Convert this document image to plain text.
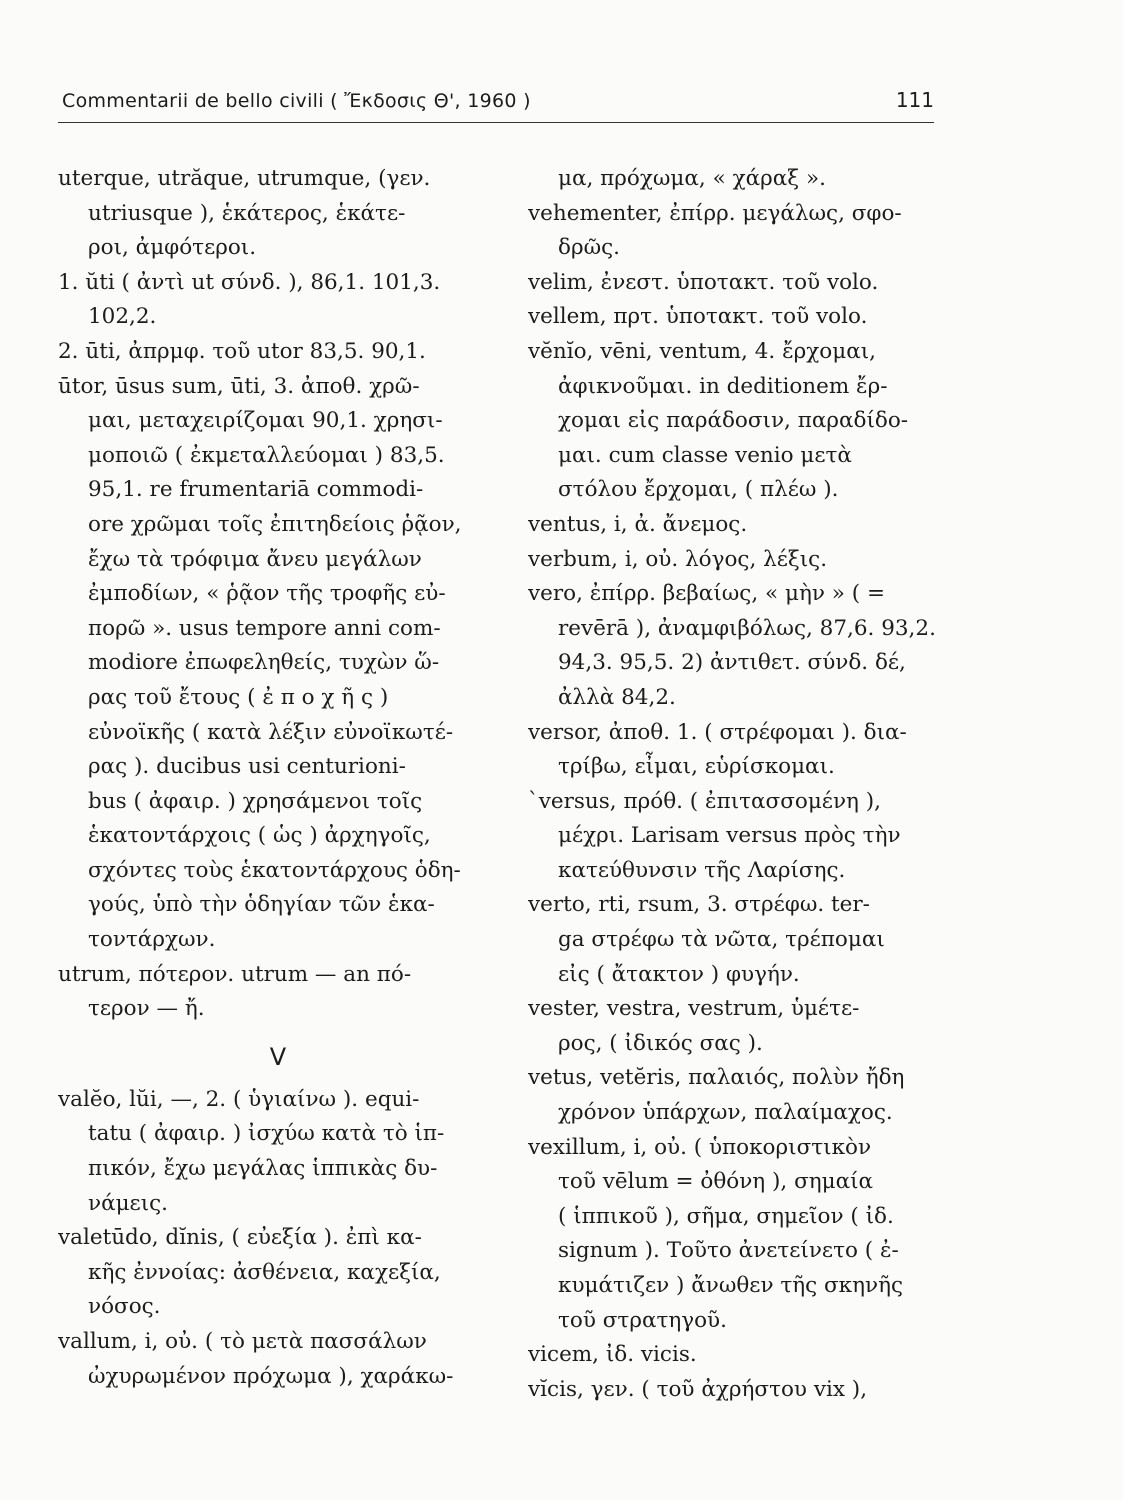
Commentarii de bello civili ( Ἔκδοσις Θ', 1960 )	111
uterque, utrăque, utrumque, (γεν.
utriusque ), ἑκάτερος, ἑκάτε-
ροι, ἀμφότεροι.
1. ŭti ( ἀντὶ ut σύνδ. ), 86,1. 101,3.
102,2.
2. ūti, ἀπρμφ. τοῦ utor 83,5. 90,1.
ūtor, ūsus sum, ūti, 3. ἀποθ. χρῶ-
μαι, μεταχειρίζομαι 90,1. χρησι-
μοποιῶ ( ἐκμεταλλεύομαι ) 83,5.
95,1. re frumentariā commodi-
ore χρῶμαι τοῖς ἐπιτηδείοις ῥᾷον,
ἔχω τὰ τρόφιμα ἄνευ μεγάλων
ἐμποδίων, « ῥᾷον τῆς τροφῆς εὐ-
πορῶ ». usus tempore anni com-
modiore ἐπωφεληθείς, τυχὼν ὥ-
ρας τοῦ ἔτους ( ἐ π ο χ ῆ ς )
εὐνοϊκῆς ( κατὰ λέξιν εὐνοϊκωτέ-
ρας ). ducibus usi centurioni-
bus ( ἀφαιρ. ) χρησάμενοι τοῖς
ἑκατοντάρχοις ( ὡς ) ἀρχηγοῖς,
σχόντες τοὺς ἑκατοντάρχους ὁδη-
γούς, ὑπὸ τὴν ὁδηγίαν τῶν ἑκα-
τοντάρχων.
utrum, πότερον. utrum — an πό-
τερον — ἤ.
V
valĕo, lŭi, —, 2. ( ὑγιαίνω ). equi-
tatu ( ἀφαιρ. ) ἰσχύω κατὰ τὸ ἱπ-
πικόν, ἔχω μεγάλας ἱππικὰς δυ-
νάμεις.
valetūdo, dĭnis, ( εὐεξία ). ἐπὶ κα-
κῆς ἐννοίας: ἀσθένεια, καχεξία,
νόσος.
vallum, i, οὐ. ( τὸ μετὰ πασσάλων
ὠχυρωμένον πρόχωμα ), χαράκω-
μα, πρόχωμα, « χάραξ ».
vehementer, ἐπίρρ. μεγάλως, σφο-
δρῶς.
velim, ἐνεστ. ὑποτακτ. τοῦ volo.
vellem, πρτ. ὑποτακτ. τοῦ volo.
vĕnĭo, vēni, ventum, 4. ἔρχομαι,
ἀφικνοῦμαι. in deditionem ἔρ-
χομαι εἰς παράδοσιν, παραδίδο-
μαι. cum classe venio μετὰ
στόλου ἔρχομαι, ( πλέω ).
ventus, i, ἀ. ἄνεμος.
verbum, i, οὐ. λόγος, λέξις.
vero, ἐπίρρ. βεβαίως, « μὴν » ( =
revērā ), ἀναμφιβόλως, 87,6. 93,2.
94,3. 95,5. 2) ἀντιθετ. σύνδ. δέ,
ἀλλὰ 84,2.
versor, ἀποθ. 1. ( στρέφομαι ). δια-
τρίβω, εἶμαι, εὑρίσκομαι.
`versus, πρόθ. ( ἐπιτασσομένη ),
μέχρι. Larisam versus πρὸς τὴν
κατεύθυνσιν τῆς Λαρίσης.
verto, rti, rsum, 3. στρέφω. ter-
ga στρέφω τὰ νῶτα, τρέπομαι
εἰς ( ἄτακτον ) φυγήν.
vester, vestra, vestrum, ὑμέτε-
ρος, ( ἰδικός σας ).
vetus, vetĕris, παλαιός, πολὺν ἤδη
χρόνον ὑπάρχων, παλαίμαχος.
vexillum, i, οὐ. ( ὑποκοριστικὸν
τοῦ vēlum = ὀθόνη ), σημαία
( ἱππικοῦ ), σῆμα, σημεῖον ( ἰδ.
signum ). Τοῦτο ἀνετείνετο ( ἐ-
κυμάτιζεν ) ἄνωθεν τῆς σκηνῆς
τοῦ στρατηγοῦ.
vicem, ἰδ. vicis.
vĭcis, γεν. ( τοῦ ἀχρήστου vix ),
